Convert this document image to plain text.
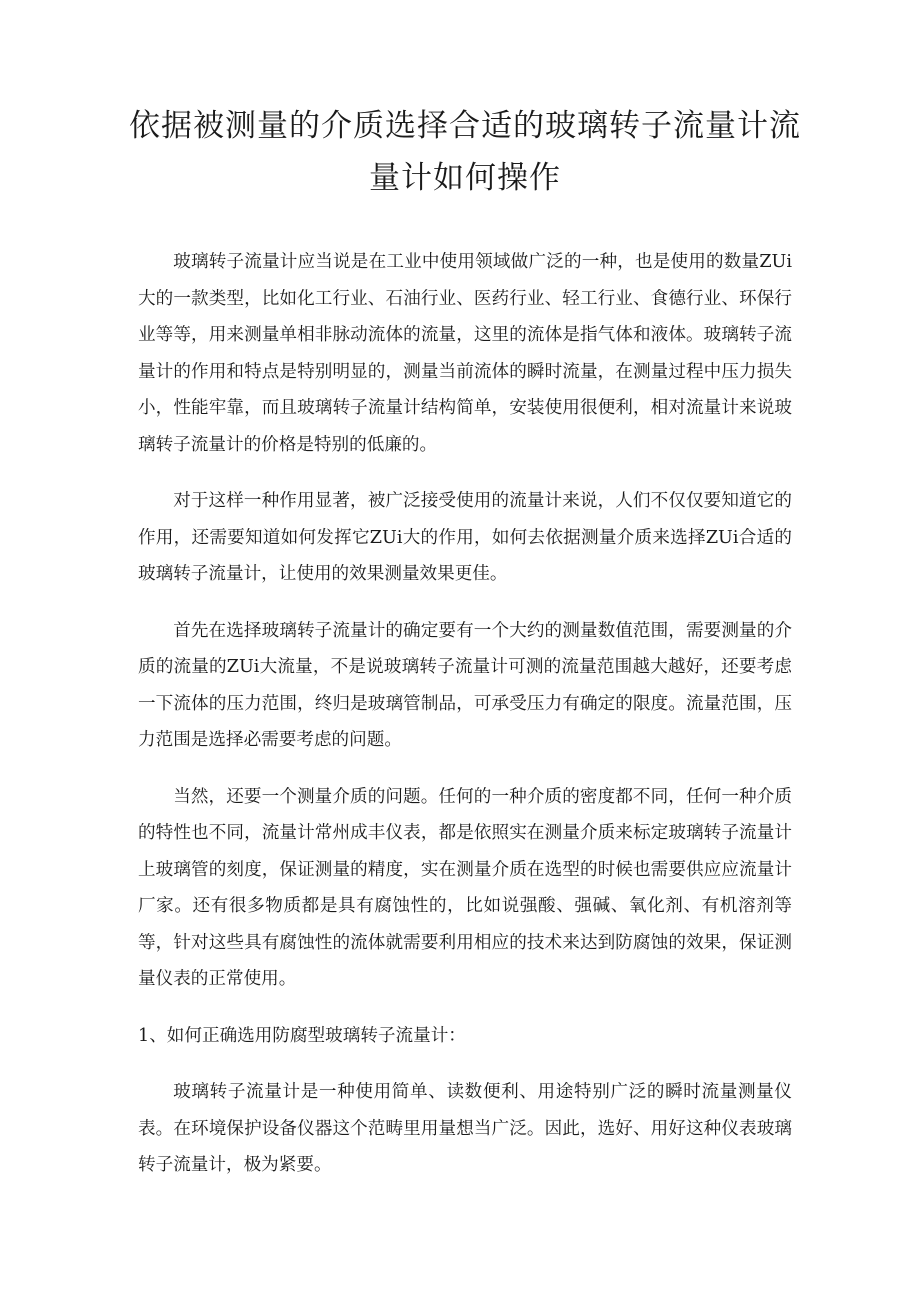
依据被测量的介质选择合适的玻璃转子流量计流量计如何操作

玻璃转子流量计应当说是在工业中使用领域做广泛的一种，也是使用的数量ZUi大的一款类型，比如化工行业、石油行业、医药行业、轻工行业、食德行业、环保行业等等，用来测量单相非脉动流体的流量，这里的流体是指气体和液体。玻璃转子流量计的作用和特点是特别明显的，测量当前流体的瞬时流量，在测量过程中压力损失小，性能牢靠，而且玻璃转子流量计结构简单，安装使用很便利，相对流量计来说玻璃转子流量计的价格是特别的低廉的。

对于这样一种作用显著，被广泛接受使用的流量计来说，人们不仅仅要知道它的作用，还需要知道如何发挥它ZUi大的作用，如何去依据测量介质来选择ZUi合适的玻璃转子流量计，让使用的效果测量效果更佳。

首先在选择玻璃转子流量计的确定要有一个大约的测量数值范围，需要测量的介质的流量的ZUi大流量，不是说玻璃转子流量计可测的流量范围越大越好，还要考虑一下流体的压力范围，终归是玻璃管制品，可承受压力有确定的限度。流量范围，压力范围是选择必需要考虑的问题。

当然，还要一个测量介质的问题。任何的一种介质的密度都不同，任何一种介质的特性也不同，流量计常州成丰仪表，都是依照实在测量介质来标定玻璃转子流量计上玻璃管的刻度，保证测量的精度，实在测量介质在选型的时候也需要供应应流量计厂家。还有很多物质都是具有腐蚀性的，比如说强酸、强碱、氧化剂、有机溶剂等等，针对这些具有腐蚀性的流体就需要利用相应的技术来达到防腐蚀的效果，保证测量仪表的正常使用。

1、如何正确选用防腐型玻璃转子流量计：

玻璃转子流量计是一种使用简单、读数便利、用途特别广泛的瞬时流量测量仪表。在环境保护设备仪器这个范畴里用量想当广泛。因此，选好、用好这种仪表玻璃转子流量计，极为紧要。
